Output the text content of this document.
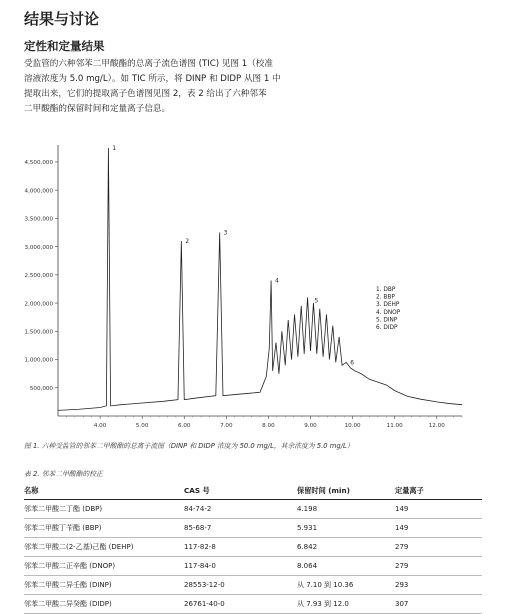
结果与讨论
定性和定量结果
受监管的六种邻苯二甲酸酯的总离子流色谱图 (TIC) 见图 1（校准
溶液浓度为 5.0 mg/L）。如 TIC 所示，将 DINP 和 DIDP 从图 1 中
提取出来，它们的提取离子色谱图见图 2，表 2 给出了六种邻苯
二甲酸酯的保留时间和定量离子信息。
500,000
1,000,000
1,500,000
2,000,000
2,500,000
3,000,000
3,500,000
4,000,000
4,500,000
4.00	5.00	6.00	7.00	8.00	9.00	10.00	11.00	12.00
1
2
3
4
5
6
1. DBP
2. BBP
3. DEHP
4. DNOP
5. DINP
6. DIDP
图 1. 六种受监管的邻苯二甲酸酯的总离子流图（DINP 和 DIDP 浓度为 50.0 mg/L，其余浓度为 5.0 mg/L）
表 2. 邻苯二甲酸酯的校正
名称	CAS 号	保留时间 (min)	定量离子
邻苯二甲酸二丁酯 (DBP)	84-74-2	4.198	149
邻苯二甲酸丁苄酯 (BBP)	85-68-7	5.931	149
邻苯二甲酸二(2-乙基)己酯 (DEHP)	117-82-8	6.842	279
邻苯二甲酸二正辛酯 (DNOP)	117-84-0	8.064	279
邻苯二甲酸二异壬酯 (DINP)	28553-12-0	从 7.10 到 10.36	293
邻苯二甲酸二异癸酯 (DIDP)	26761-40-0	从 7.93 到 12.0	307
